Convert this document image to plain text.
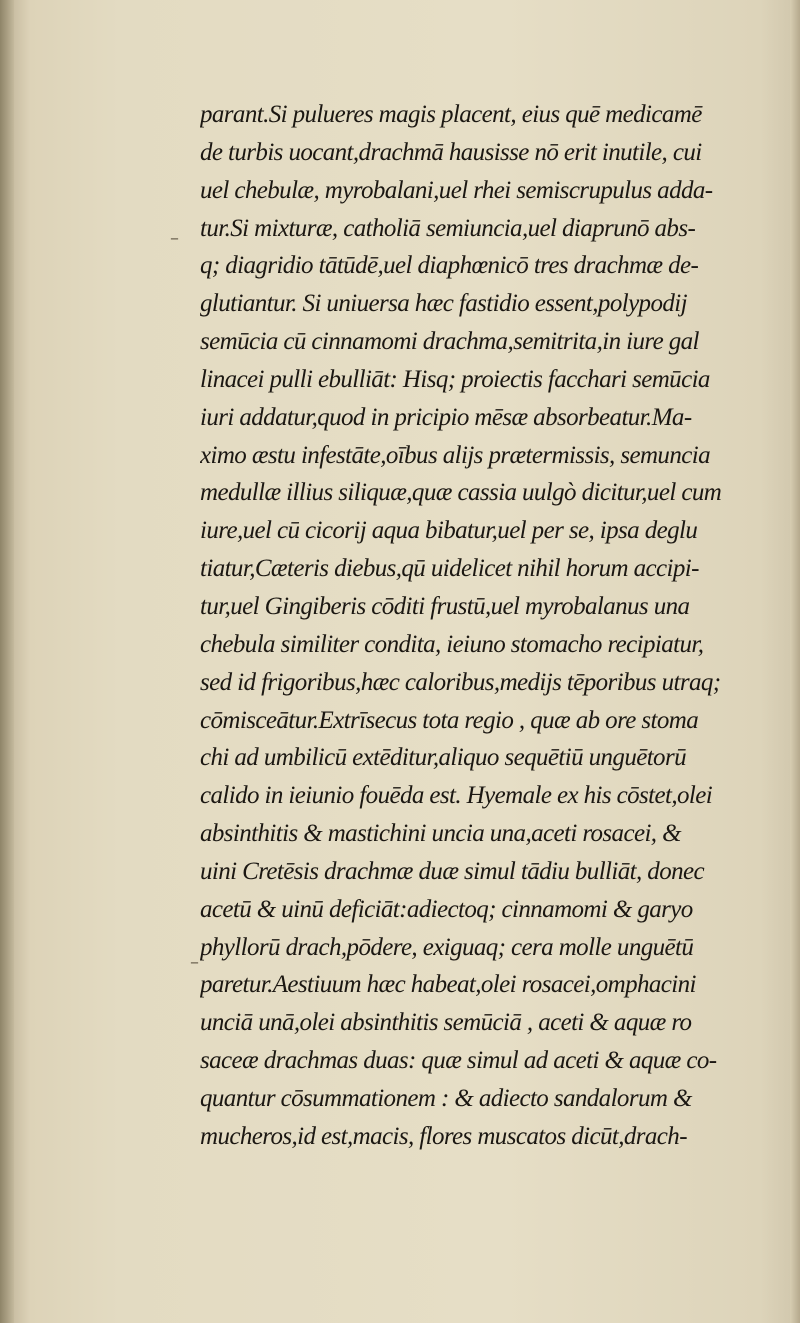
–
–
parant.Si pulueres magis placent, eius quē medicamē
de turbis uocant,drachmā hausisse nō erit inutile, cui
uel chebulæ, myrobalani,uel rhei semiscrupulus adda-
tur.Si mixturæ, catholiā semiuncia,uel diaprunō abs-
q; diagridio tātūdē,uel diaphœnicō tres drachmæ de-
glutiantur. Si uniuersa hæc fastidio essent,polypodij
semūcia cū cinnamomi drachma,semitrita,in iure gal
linacei pulli ebulliāt: Hisq; proiectis facchari semūcia
iuri addatur,quod in pricipio mēsæ absorbeatur.Ma-
ximo æstu infestāte,oībus alijs prætermissis, semuncia
medullæ illius siliquæ,quæ cassia uulgò dicitur,uel cum
iure,uel cū cicorij aqua bibatur,uel per se, ipsa deglu
tiatur,Cæteris diebus,qū uidelicet nihil horum accipi-
tur,uel Gingiberis cōditi frustū,uel myrobalanus una
chebula similiter condita, ieiuno stomacho recipiatur,
sed id frigoribus,hæc caloribus,medijs tēporibus utraq;
cōmisceātur.Extrīsecus tota regio , quæ ab ore stoma
chi ad umbilicū extēditur,aliquo sequētiū unguētorū
calido in ieiunio fouēda est. Hyemale ex his cōstet,olei
absinthitis & mastichini uncia una,aceti rosacei, &
uini Cretēsis drachmæ duæ simul tādiu bulliāt, donec
acetū & uinū deficiāt:adiectoq; cinnamomi & garyo
phyllorū drach,pōdere, exiguaq; cera molle unguētū
paretur.Aestiuum hæc habeat,olei rosacei,omphacini
unciā unā,olei absinthitis semūciā , aceti & aquæ ro
saceæ drachmas duas: quæ simul ad aceti & aquæ co-
quantur cōsummationem : & adiecto sandalorum &
mucheros,id est,macis, flores muscatos dicūt,drach-
